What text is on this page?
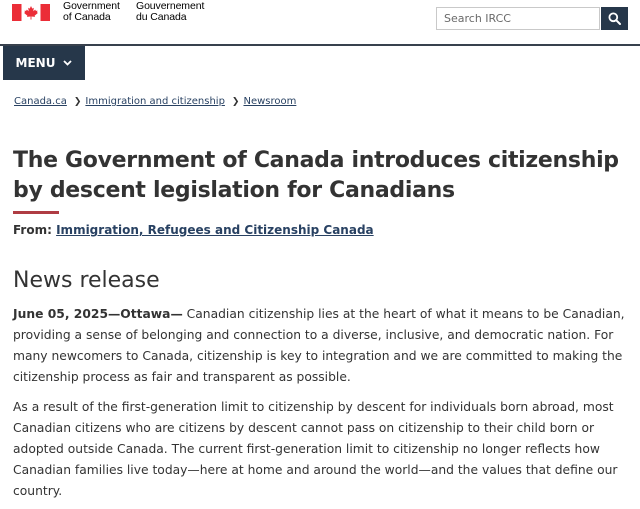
Government
of Canada
Gouvernement
du Canada
Search IRCC
MENU
Canada.ca ❯ Immigration and citizenship ❯ Newsroom
The Government of Canada introduces citizenship by descent legislation for Canadians
From: Immigration, Refugees and Citizenship Canada
News release

June 05, 2025—Ottawa— Canadian citizenship lies at the heart of what it means to be Canadian, providing a sense of belonging and connection to a diverse, inclusive, and democratic nation. For many newcomers to Canada, citizenship is key to integration and we are committed to making the citizenship process as fair and transparent as possible.

As a result of the first-generation limit to citizenship by descent for individuals born abroad, most Canadian citizens who are citizens by descent cannot pass on citizenship to their child born or adopted outside Canada. The current first-generation limit to citizenship no longer reflects how Canadian families live today—here at home and around the world—and the values that define our country.
